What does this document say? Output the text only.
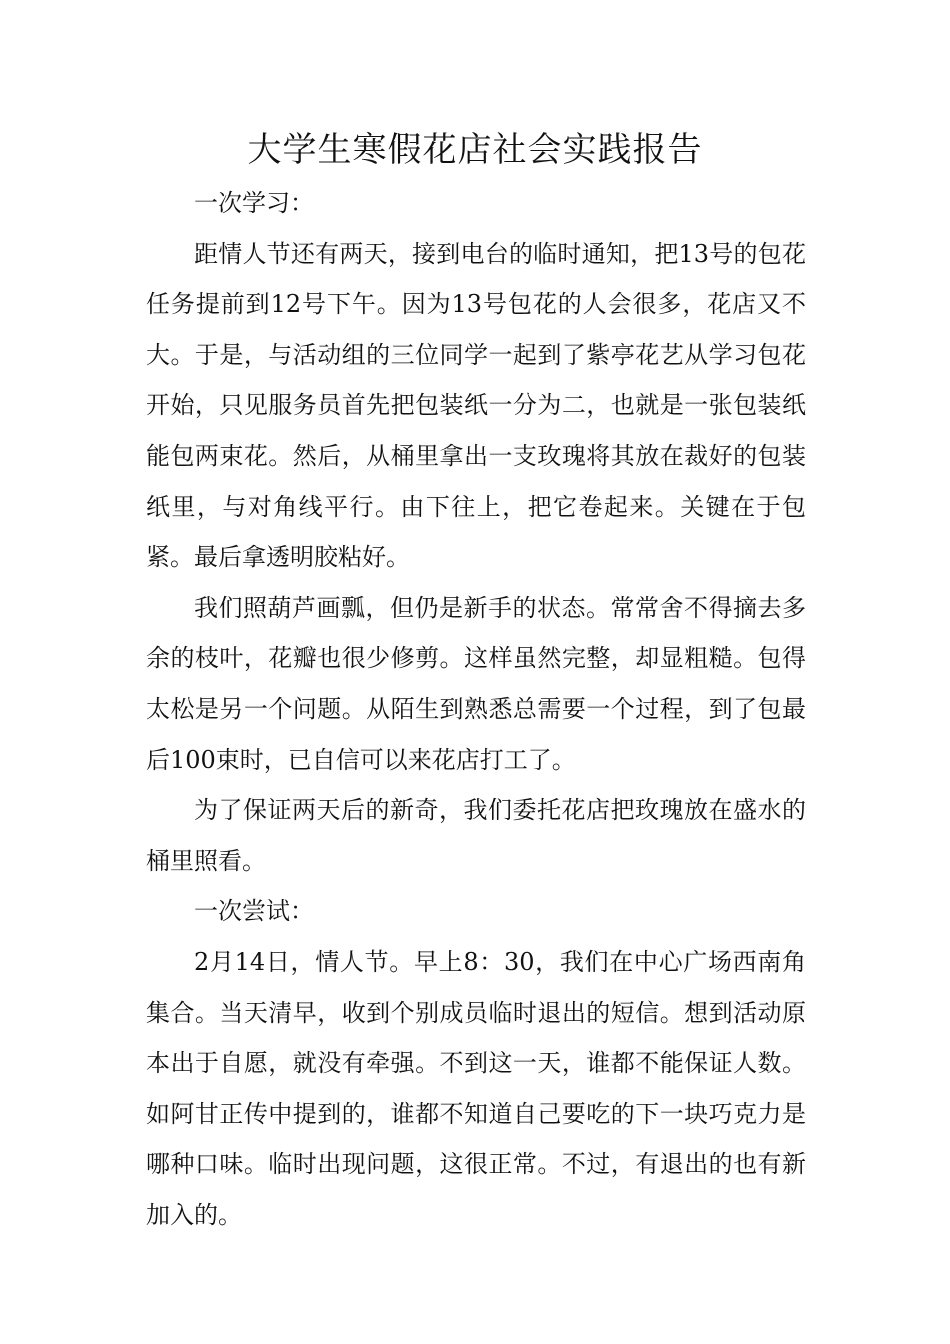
大学生寒假花店社会实践报告

一次学习：

距情人节还有两天，接到电台的临时通知，把13号的包花任务提前到12号下午。因为13号包花的人会很多，花店又不大。于是，与活动组的三位同学一起到了紫亭花艺从学习包花开始，只见服务员首先把包装纸一分为二，也就是一张包装纸能包两束花。然后，从桶里拿出一支玫瑰将其放在裁好的包装纸里，与对角线平行。由下往上，把它卷起来。关键在于包紧。最后拿透明胶粘好。

我们照葫芦画瓢，但仍是新手的状态。常常舍不得摘去多余的枝叶，花瓣也很少修剪。这样虽然完整，却显粗糙。包得太松是另一个问题。从陌生到熟悉总需要一个过程，到了包最后100束时，已自信可以来花店打工了。

为了保证两天后的新奇，我们委托花店把玫瑰放在盛水的桶里照看。

一次尝试：

2月14日，情人节。早上8：30，我们在中心广场西南角集合。当天清早，收到个别成员临时退出的短信。想到活动原本出于自愿，就没有牵强。不到这一天，谁都不能保证人数。如阿甘正传中提到的，谁都不知道自己要吃的下一块巧克力是哪种口味。临时出现问题，这很正常。不过，有退出的也有新加入的。
